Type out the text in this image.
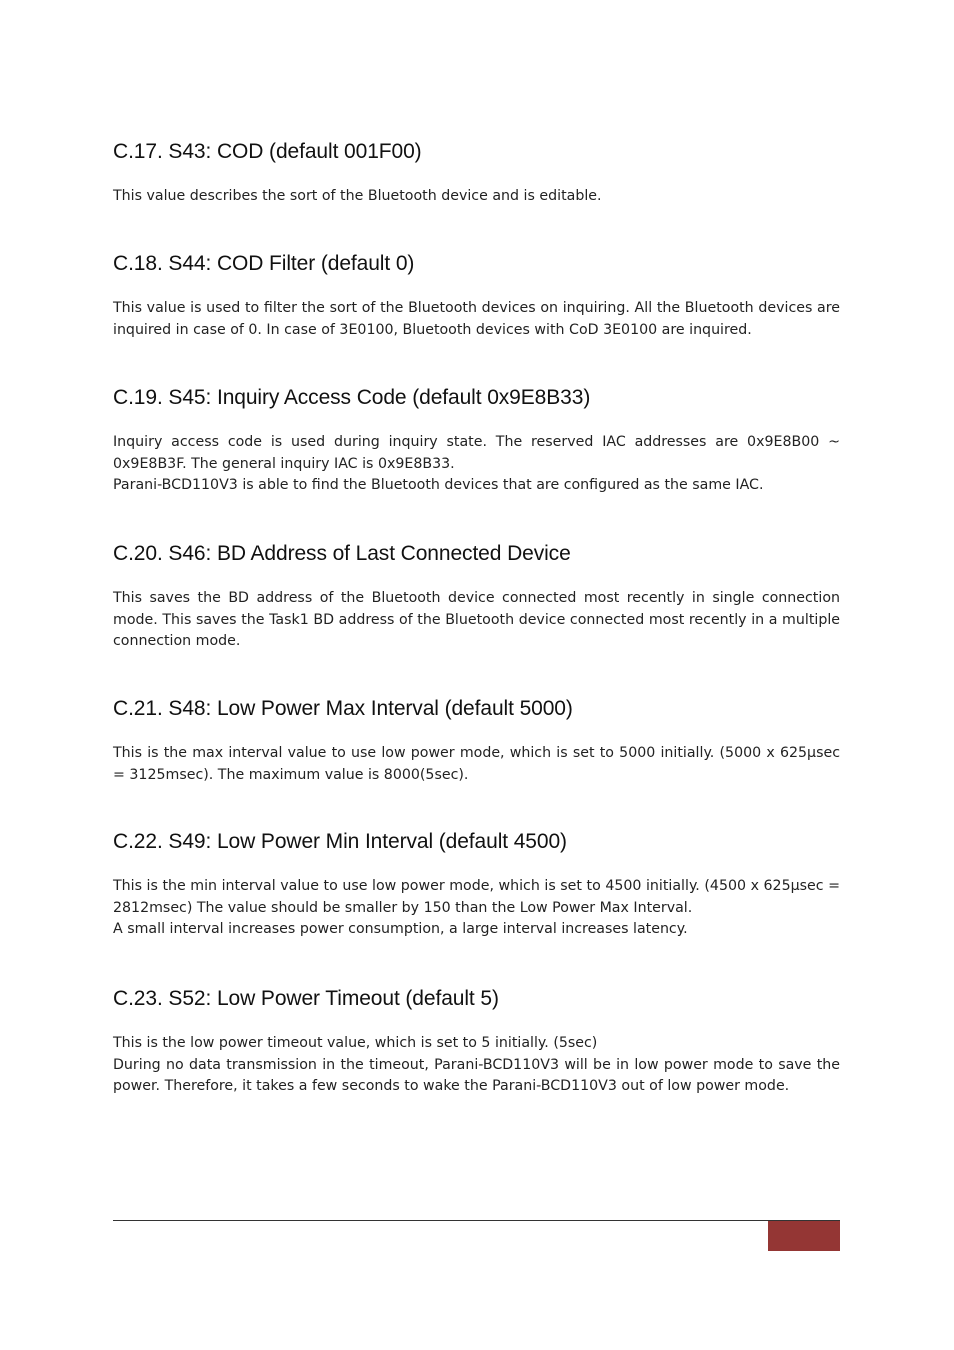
C.17. S43: COD (default 001F00)

This value describes the sort of the Bluetooth device and is editable.

C.18. S44: COD Filter (default 0)

This value is used to filter the sort of the Bluetooth devices on inquiring. All the Bluetooth devices are inquired in case of 0. In case of 3E0100, Bluetooth devices with CoD 3E0100 are inquired.

C.19. S45: Inquiry Access Code (default 0x9E8B33)

Inquiry access code is used during inquiry state. The reserved IAC addresses are 0x9E8B00 ~ 0x9E8B3F. The general inquiry IAC is 0x9E8B33.

Parani-BCD110V3 is able to find the Bluetooth devices that are configured as the same IAC.

C.20. S46: BD Address of Last Connected Device

This saves the BD address of the Bluetooth device connected most recently in single connection mode. This saves the Task1 BD address of the Bluetooth device connected most recently in a multiple connection mode.

C.21. S48: Low Power Max Interval (default 5000)

This is the max interval value to use low power mode, which is set to 5000 initially. (5000 x 625μsec = 3125msec). The maximum value is 8000(5sec).

C.22. S49: Low Power Min Interval (default 4500)

This is the min interval value to use low power mode, which is set to 4500 initially. (4500 x 625μsec = 2812msec) The value should be smaller by 150 than the Low Power Max Interval.

A small interval increases power consumption, a large interval increases latency.

C.23. S52: Low Power Timeout (default 5)

This is the low power timeout value, which is set to 5 initially. (5sec)

During no data transmission in the timeout, Parani-BCD110V3 will be in low power mode to save the power. Therefore, it takes a few seconds to wake the Parani-BCD110V3 out of low power mode.
